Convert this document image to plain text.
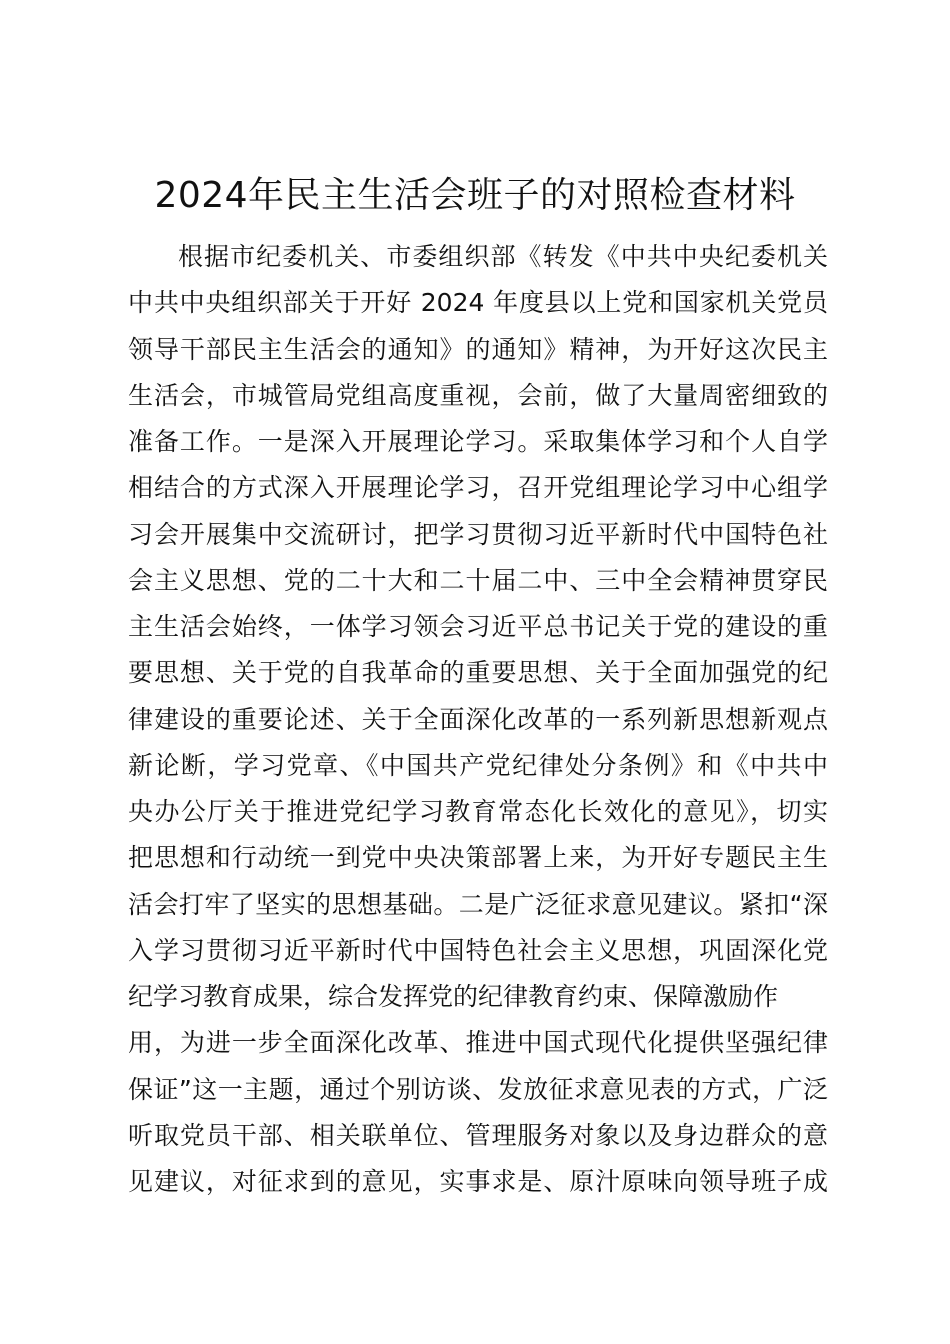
2024年民主生活会班子的对照检查材料
根据市纪委机关、市委组织部《转发《中共中央纪委机关
中共中央组织部关于开好 2024 年度县以上党和国家机关党员
领导干部民主生活会的通知》的通知》精神，为开好这次民主
生活会，市城管局党组高度重视，会前，做了大量周密细致的
准备工作。一是深入开展理论学习。采取集体学习和个人自学
相结合的方式深入开展理论学习，召开党组理论学习中心组学
习会开展集中交流研讨，把学习贯彻习近平新时代中国特色社
会主义思想、党的二十大和二十届二中、三中全会精神贯穿民
主生活会始终，一体学习领会习近平总书记关于党的建设的重
要思想、关于党的自我革命的重要思想、关于全面加强党的纪
律建设的重要论述、关于全面深化改革的一系列新思想新观点
新论断，学习党章、《中国共产党纪律处分条例》和《中共中
央办公厅关于推进党纪学习教育常态化长效化的意见》，切实
把思想和行动统一到党中央决策部署上来，为开好专题民主生
活会打牢了坚实的思想基础。二是广泛征求意见建议。紧扣“深
入学习贯彻习近平新时代中国特色社会主义思想，巩固深化党
纪学习教育成果，综合发挥党的纪律教育约束、保障激励作
用，为进一步全面深化改革、推进中国式现代化提供坚强纪律
保证”这一主题，通过个别访谈、发放征求意见表的方式，广泛
听取党员干部、相关联单位、管理服务对象以及身边群众的意
见建议，对征求到的意见，实事求是、原汁原味向领导班子成
